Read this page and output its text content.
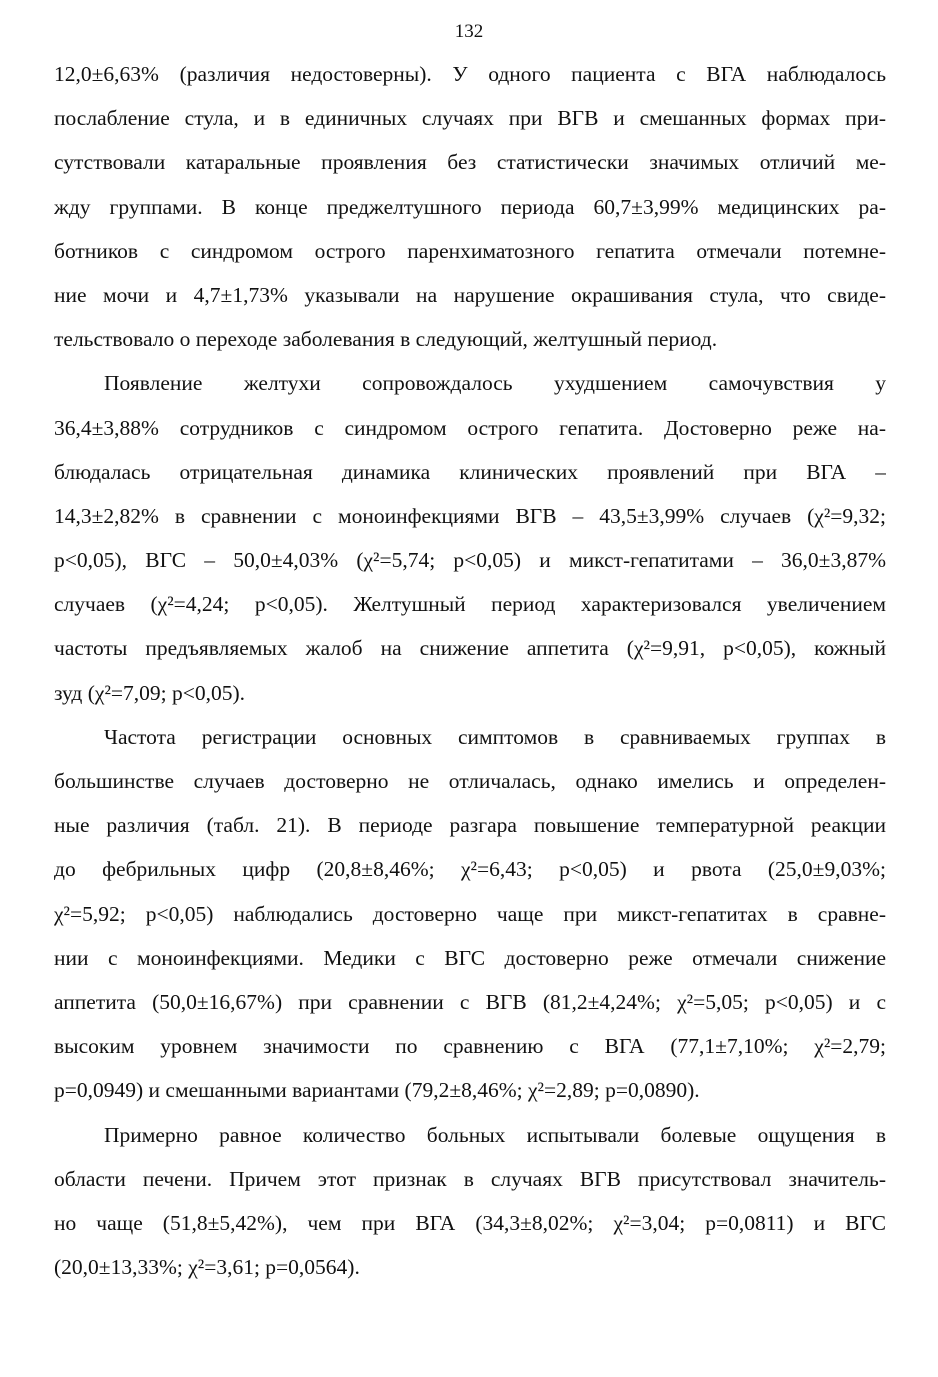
132
12,0±6,63% (различия недостоверны). У одного пациента с ВГА наблюдалось
послабление стула, и в единичных случаях при ВГВ и смешанных формах при-
сутствовали катаральные проявления без статистически значимых отличий ме-
жду группами. В конце преджелтушного периода 60,7±3,99% медицинских ра-
ботников с синдромом острого паренхиматозного гепатита отмечали потемне-
ние мочи и 4,7±1,73% указывали на нарушение окрашивания стула, что свиде-
тельствовало о переходе заболевания в следующий, желтушный период.
Появление желтухи сопровождалось ухудшением самочувствия у
36,4±3,88% сотрудников с синдромом острого гепатита. Достоверно реже на-
блюдалась отрицательная динамика клинических проявлений при ВГА –
14,3±2,82% в сравнении с моноинфекциями ВГВ – 43,5±3,99% случаев (χ²=9,32;
p<0,05), ВГС – 50,0±4,03% (χ²=5,74; p<0,05) и микст-гепатитами – 36,0±3,87%
случаев (χ²=4,24; p<0,05). Желтушный период характеризовался увеличением
частоты предъявляемых жалоб на снижение аппетита (χ²=9,91, p<0,05), кожный
зуд (χ²=7,09; p<0,05).
Частота регистрации основных симптомов в сравниваемых группах в
большинстве случаев достоверно не отличалась, однако имелись и определен-
ные различия (табл. 21). В периоде разгара повышение температурной реакции
до фебрильных цифр (20,8±8,46%; χ²=6,43; p<0,05) и рвота (25,0±9,03%;
χ²=5,92; p<0,05) наблюдались достоверно чаще при микст-гепатитах в сравне-
нии с моноинфекциями. Медики с ВГС достоверно реже отмечали снижение
аппетита (50,0±16,67%) при сравнении с ВГВ (81,2±4,24%; χ²=5,05; p<0,05) и с
высоким уровнем значимости по сравнению с ВГА (77,1±7,10%; χ²=2,79;
p=0,0949) и смешанными вариантами (79,2±8,46%; χ²=2,89; p=0,0890).
Примерно равное количество больных испытывали болевые ощущения в
области печени. Причем этот признак в случаях ВГВ присутствовал значитель-
но чаще (51,8±5,42%), чем при ВГА (34,3±8,02%; χ²=3,04; p=0,0811) и ВГС
(20,0±13,33%; χ²=3,61; p=0,0564).
